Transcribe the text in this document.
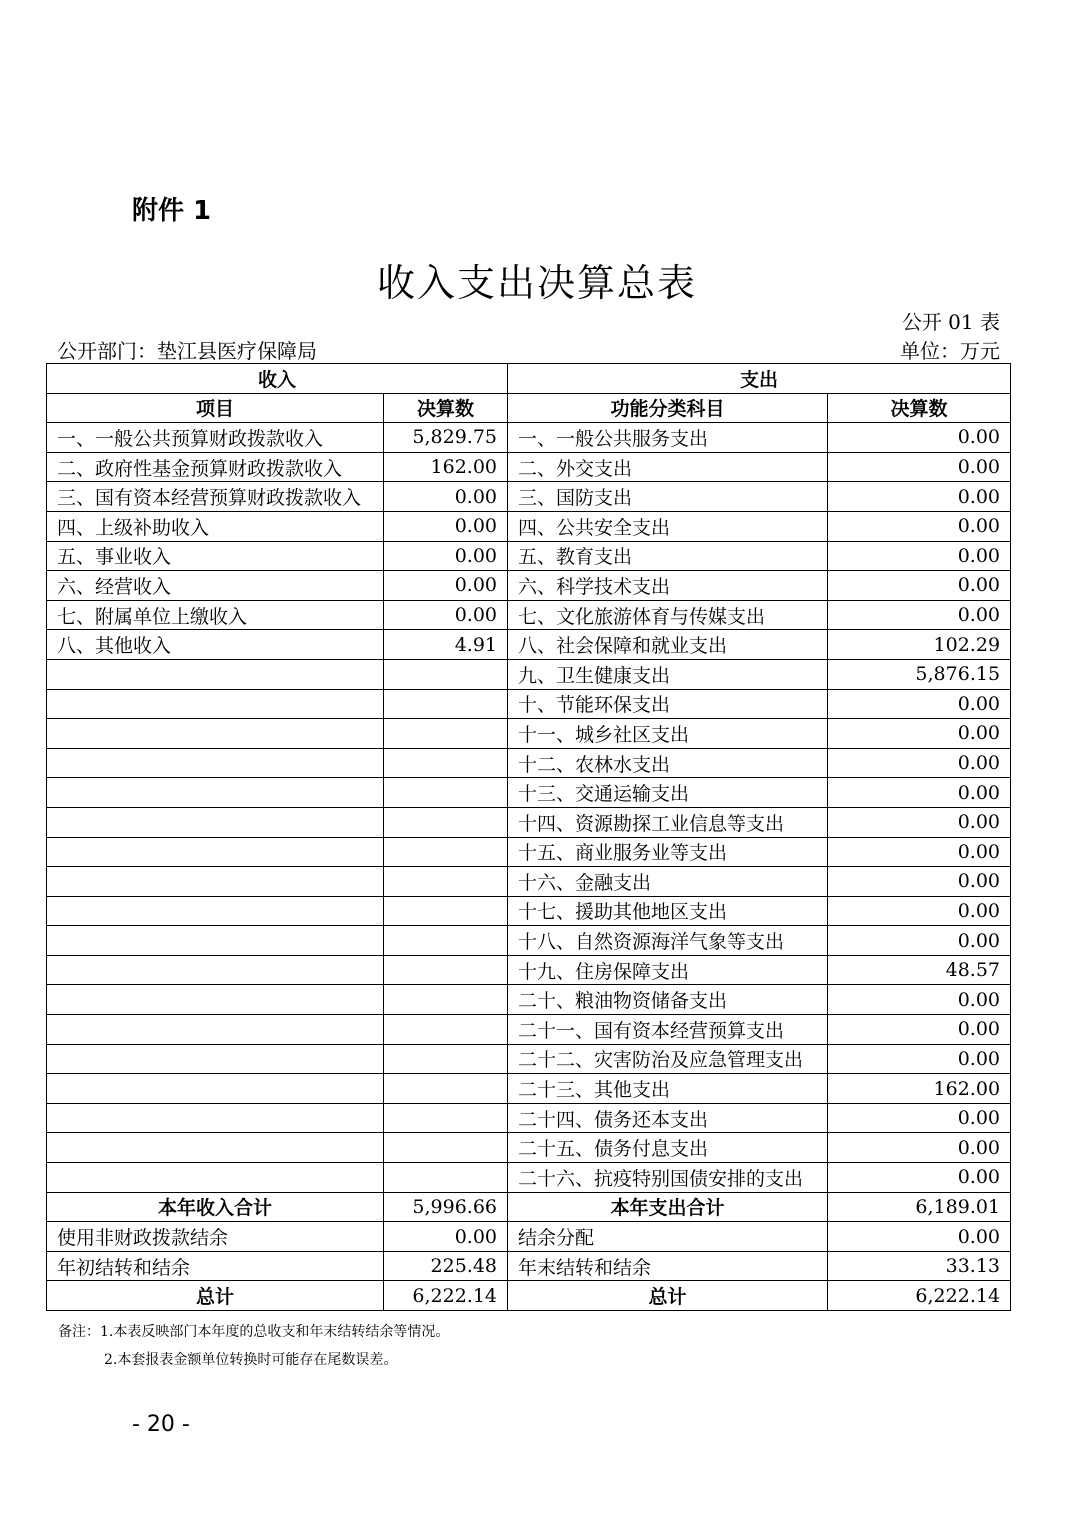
附件 1
收入支出决算总表
公开 01 表
公开部门：垫江县医疗保障局	单位：万元
收入		支出	
项目	决算数	功能分类科目	决算数
一、一般公共预算财政拨款收入	5,829.75	一、一般公共服务支出	0.00
二、政府性基金预算财政拨款收入	162.00	二、外交支出	0.00
三、国有资本经营预算财政拨款收入	0.00	三、国防支出	0.00
四、上级补助收入	0.00	四、公共安全支出	0.00
五、事业收入	0.00	五、教育支出	0.00
六、经营收入	0.00	六、科学技术支出	0.00
七、附属单位上缴收入	0.00	七、文化旅游体育与传媒支出	0.00
八、其他收入	4.91	八、社会保障和就业支出	102.29
		九、卫生健康支出	5,876.15
		十、节能环保支出	0.00
		十一、城乡社区支出	0.00
		十二、农林水支出	0.00
		十三、交通运输支出	0.00
		十四、资源勘探工业信息等支出	0.00
		十五、商业服务业等支出	0.00
		十六、金融支出	0.00
		十七、援助其他地区支出	0.00
		十八、自然资源海洋气象等支出	0.00
		十九、住房保障支出	48.57
		二十、粮油物资储备支出	0.00
		二十一、国有资本经营预算支出	0.00
		二十二、灾害防治及应急管理支出	0.00
		二十三、其他支出	162.00
		二十四、债务还本支出	0.00
		二十五、债务付息支出	0.00
		二十六、抗疫特别国债安排的支出	0.00
本年收入合计	5,996.66	本年支出合计	6,189.01
使用非财政拨款结余	0.00	结余分配	0.00
年初结转和结余	225.48	年末结转和结余	33.13
总计	6,222.14	总计	6,222.14
备注：1.本表反映部门本年度的总收支和年末结转结余等情况。
2.本套报表金额单位转换时可能存在尾数误差。
- 20 -
